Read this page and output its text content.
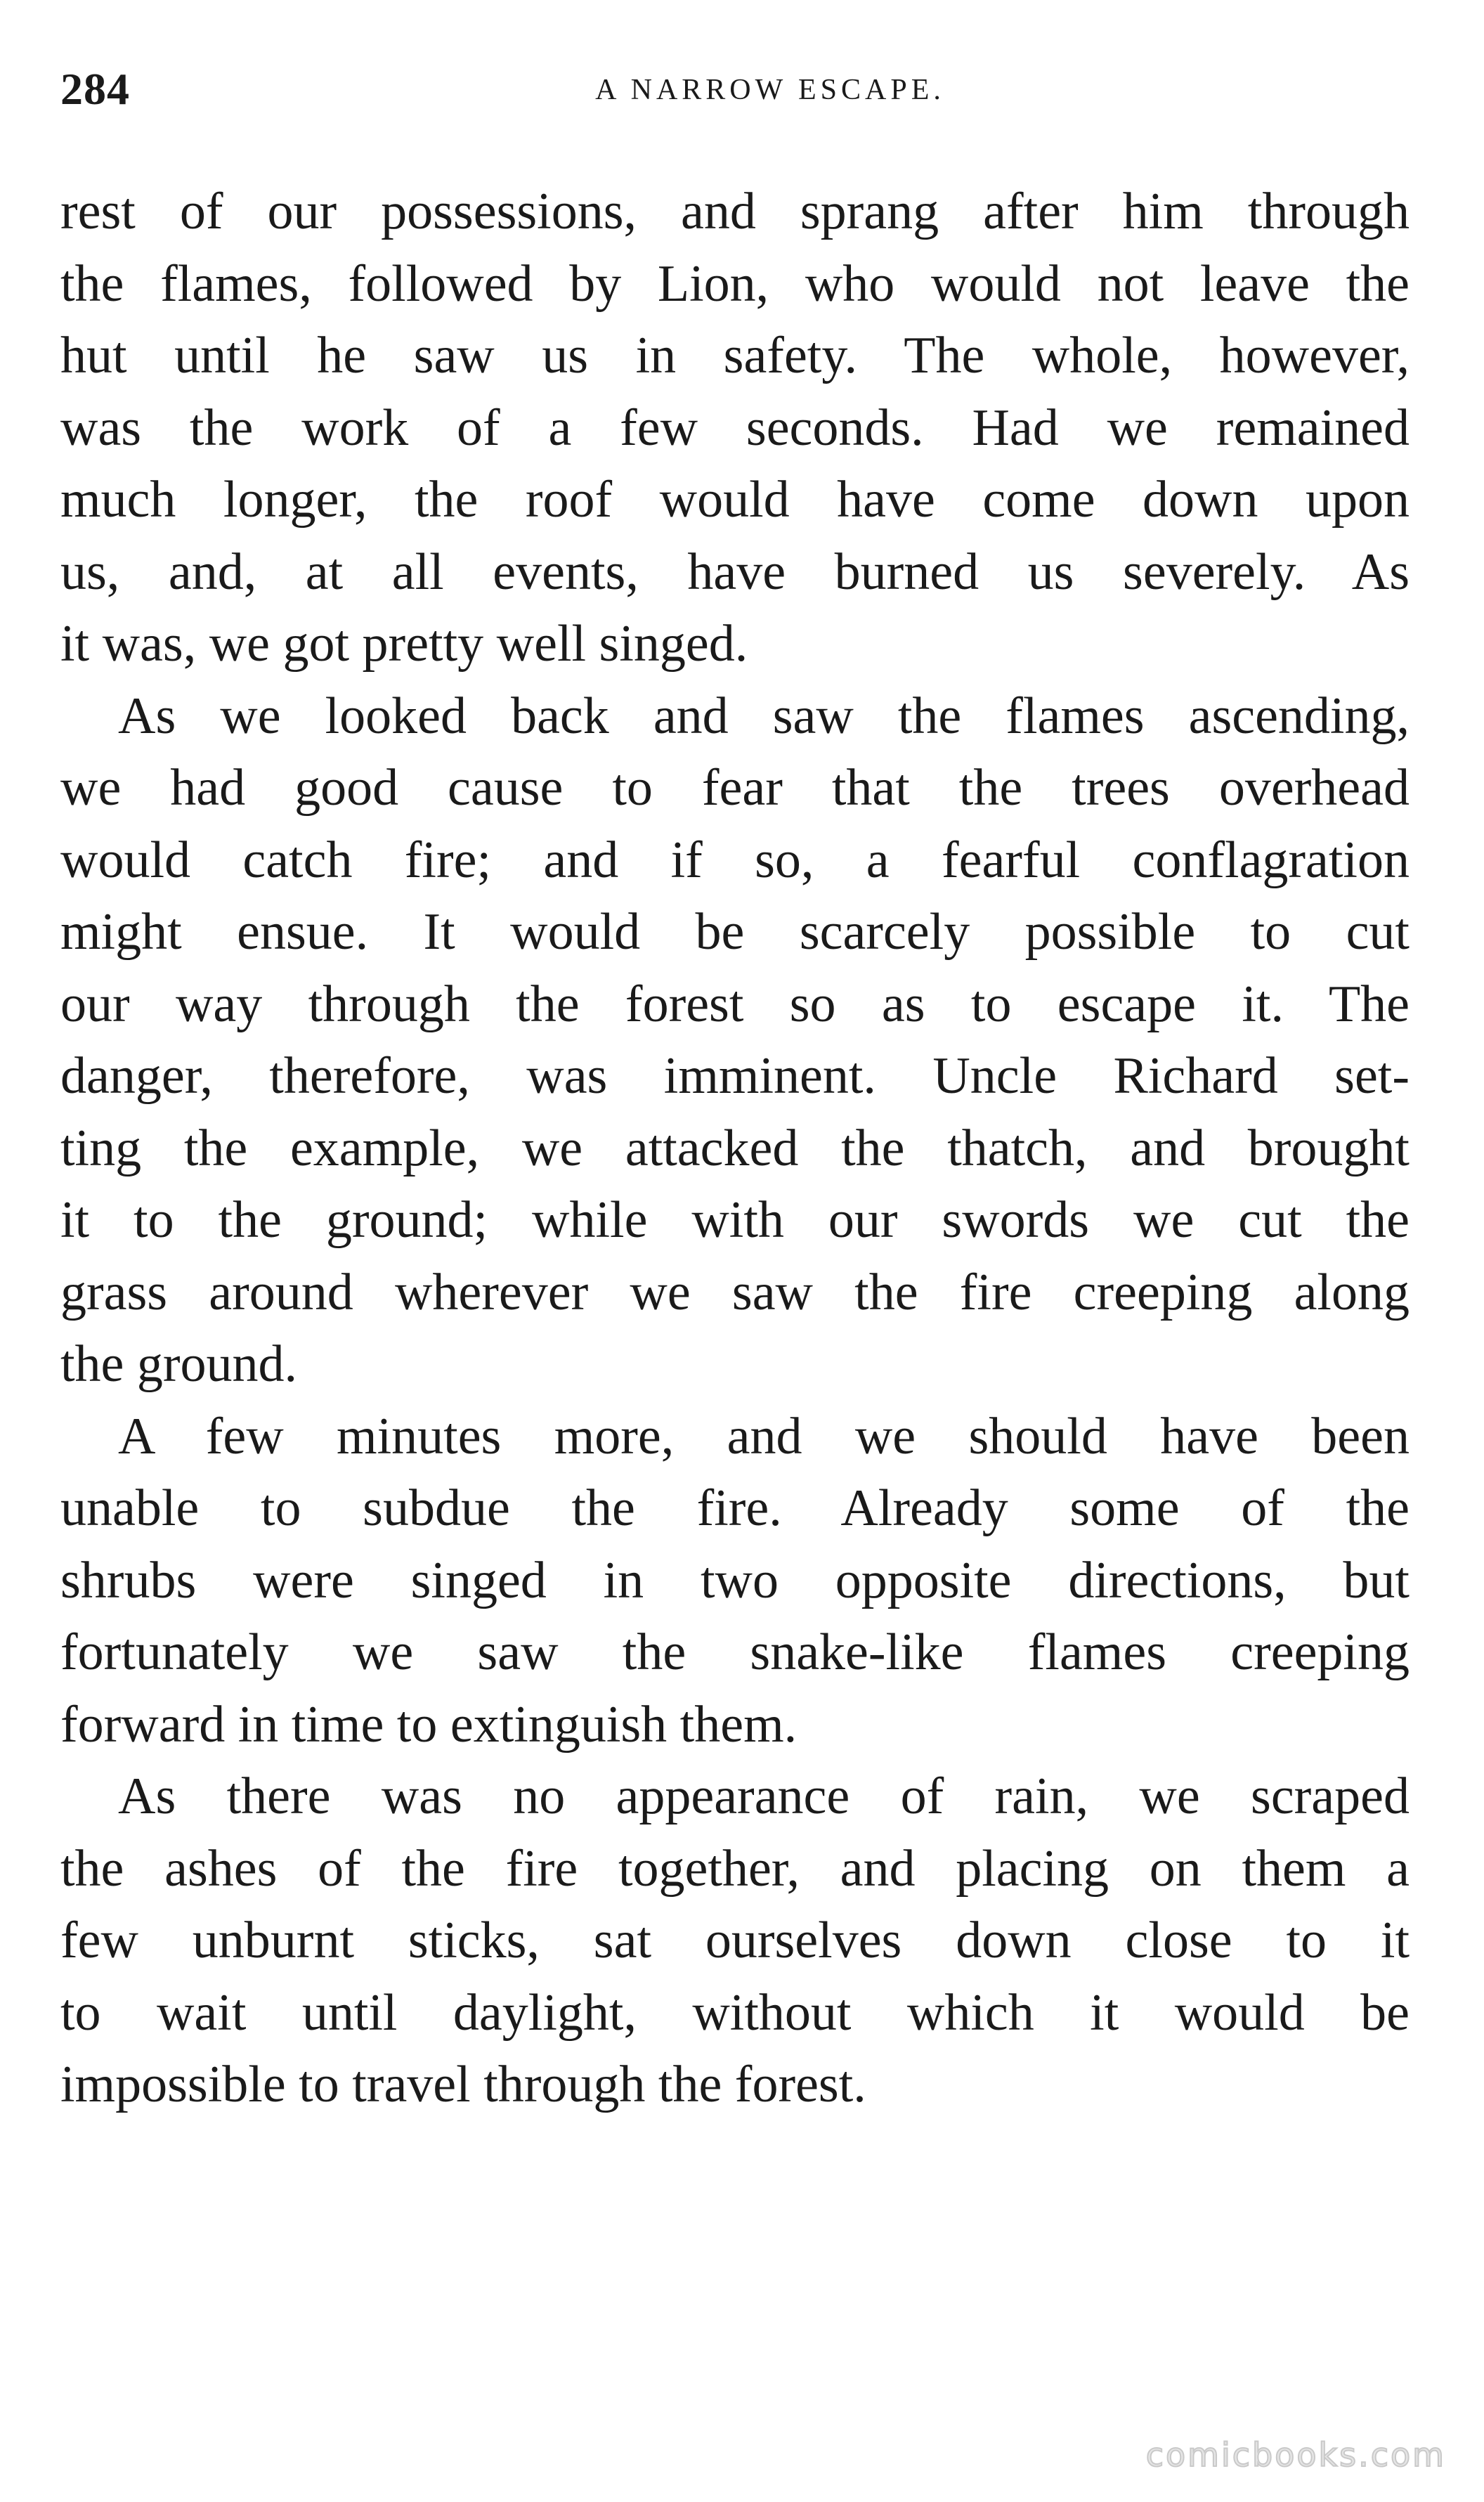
284	A NARROW ESCAPE.
rest of our possessions, and sprang after him through
the flames, followed by Lion, who would not leave the
hut until he saw us in safety. The whole, however,
was the work of a few seconds. Had we remained
much longer, the roof would have come down upon
us, and, at all events, have burned us severely. As
it was, we got pretty well singed.
As we looked back and saw the flames ascending,
we had good cause to fear that the trees overhead
would catch fire; and if so, a fearful conflagration
might ensue. It would be scarcely possible to cut
our way through the forest so as to escape it. The
danger, therefore, was imminent. Uncle Richard set-
ting the example, we attacked the thatch, and brought
it to the ground; while with our swords we cut the
grass around wherever we saw the fire creeping along
the ground.
A few minutes more, and we should have been
unable to subdue the fire. Already some of the
shrubs were singed in two opposite directions, but
fortunately we saw the snake-like flames creeping
forward in time to extinguish them.
As there was no appearance of rain, we scraped
the ashes of the fire together, and placing on them a
few unburnt sticks, sat ourselves down close to it
to wait until daylight, without which it would be
impossible to travel through the forest.
comicbooks.com
